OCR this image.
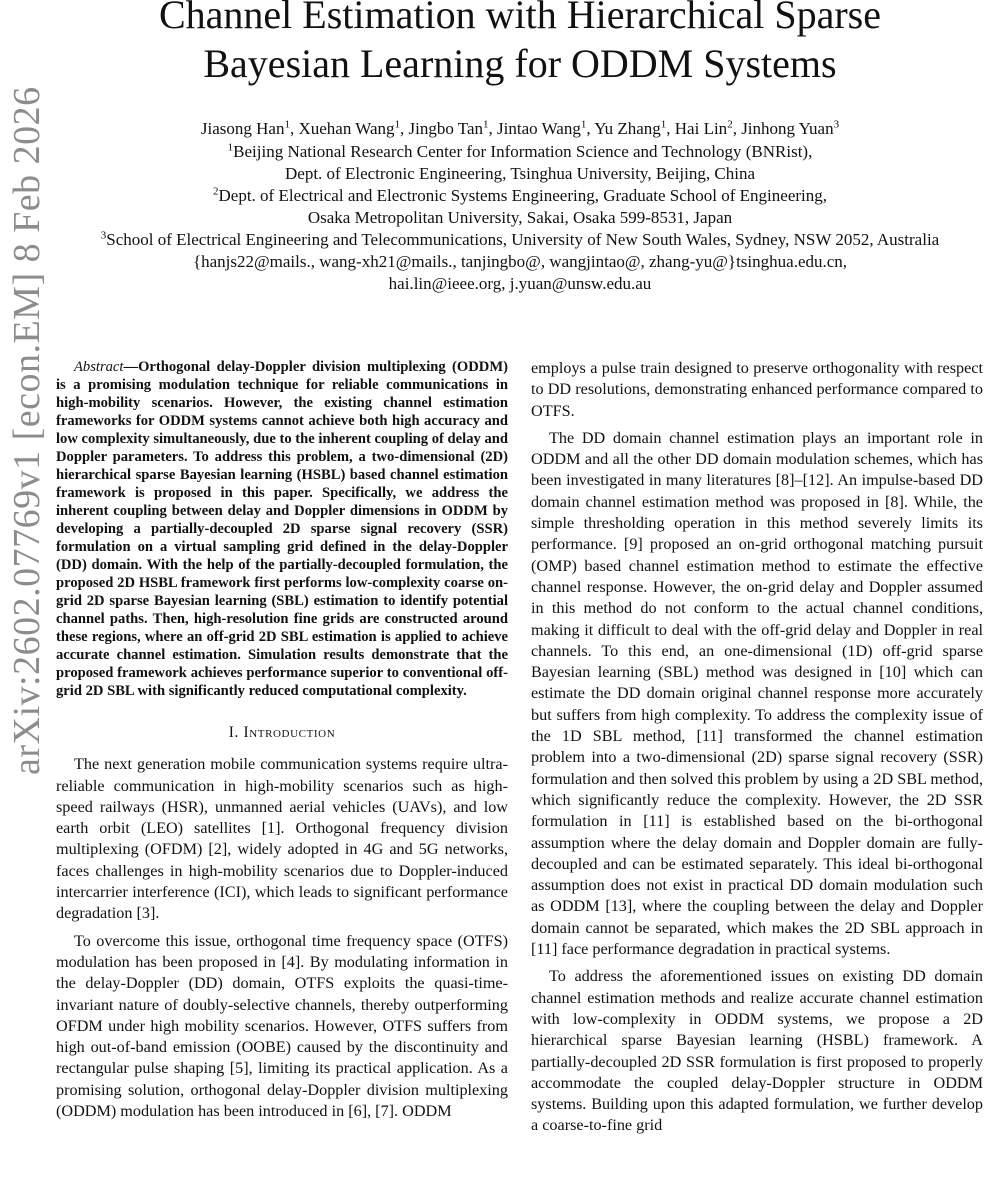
arXiv:2602.07769v1 [econ.EM] 8 Feb 2026
Channel Estimation with Hierarchical Sparse
Bayesian Learning for ODDM Systems
Jiasong Han$^1$, Xuehan Wang$^1$, Jingbo Tan$^1$, Jintao Wang$^1$, Yu Zhang$^1$, Hai Lin$^2$, Jinhong Yuan$^3$
$^1$Beijing National Research Center for Information Science and Technology (BNRist),
Dept. of Electronic Engineering, Tsinghua University, Beijing, China
$^2$Dept. of Electrical and Electronic Systems Engineering, Graduate School of Engineering,
Osaka Metropolitan University, Sakai, Osaka 599-8531, Japan
$^3$School of Electrical Engineering and Telecommunications, University of New South Wales, Sydney, NSW 2052, Australia
{hanjs22@mails., wang-xh21@mails., tanjingbo@, wangjintao@, zhang-yu@}tsinghua.edu.cn,
hai.lin@ieee.org, j.yuan@unsw.edu.au

Abstract—Orthogonal delay-Doppler division multiplexing (ODDM) is a promising modulation technique for reliable communications in high-mobility scenarios. However, the existing channel estimation frameworks for ODDM systems cannot achieve both high accuracy and low complexity simultaneously, due to the inherent coupling of delay and Doppler parameters. To address this problem, a two-dimensional (2D) hierarchical sparse Bayesian learning (HSBL) based channel estimation framework is proposed in this paper. Specifically, we address the inherent coupling between delay and Doppler dimensions in ODDM by developing a partially-decoupled 2D sparse signal recovery (SSR) formulation on a virtual sampling grid defined in the delay-Doppler (DD) domain. With the help of the partially-decoupled formulation, the proposed 2D HSBL framework first performs low-complexity coarse on-grid 2D sparse Bayesian learning (SBL) estimation to identify potential channel paths. Then, high-resolution fine grids are constructed around these regions, where an off-grid 2D SBL estimation is applied to achieve accurate channel estimation. Simulation results demonstrate that the proposed framework achieves performance superior to conventional off-grid 2D SBL with significantly reduced computational complexity.

I. Introduction

The next generation mobile communication systems require ultra-reliable communication in high-mobility scenarios such as high-speed railways (HSR), unmanned aerial vehicles (UAVs), and low earth orbit (LEO) satellites [1]. Orthogonal frequency division multiplexing (OFDM) [2], widely adopted in 4G and 5G networks, faces challenges in high-mobility scenarios due to Doppler-induced intercarrier interference (ICI), which leads to significant performance degradation [3].

To overcome this issue, orthogonal time frequency space (OTFS) modulation has been proposed in [4]. By modulating information in the delay-Doppler (DD) domain, OTFS exploits the quasi-time-invariant nature of doubly-selective channels, thereby outperforming OFDM under high mobility scenarios. However, OTFS suffers from high out-of-band emission (OOBE) caused by the discontinuity and rectangular pulse shaping [5], limiting its practical application. As a promising solution, orthogonal delay-Doppler division multiplexing (ODDM) modulation has been introduced in [6], [7]. ODDM

employs a pulse train designed to preserve orthogonality with respect to DD resolutions, demonstrating enhanced performance compared to OTFS.

The DD domain channel estimation plays an important role in ODDM and all the other DD domain modulation schemes, which has been investigated in many literatures [8]–[12]. An impulse-based DD domain channel estimation method was proposed in [8]. While, the simple thresholding operation in this method severely limits its performance. [9] proposed an on-grid orthogonal matching pursuit (OMP) based channel estimation method to estimate the effective channel response. However, the on-grid delay and Doppler assumed in this method do not conform to the actual channel conditions, making it difficult to deal with the off-grid delay and Doppler in real channels. To this end, an one-dimensional (1D) off-grid sparse Bayesian learning (SBL) method was designed in [10] which can estimate the DD domain original channel response more accurately but suffers from high complexity. To address the complexity issue of the 1D SBL method, [11] transformed the channel estimation problem into a two-dimensional (2D) sparse signal recovery (SSR) formulation and then solved this problem by using a 2D SBL method, which significantly reduce the complexity. However, the 2D SSR formulation in [11] is established based on the bi-orthogonal assumption where the delay domain and Doppler domain are fully-decoupled and can be estimated separately. This ideal bi-orthogonal assumption does not exist in practical DD domain modulation such as ODDM [13], where the coupling between the delay and Doppler domain cannot be separated, which makes the 2D SBL approach in [11] face performance degradation in practical systems.

To address the aforementioned issues on existing DD domain channel estimation methods and realize accurate channel estimation with low-complexity in ODDM systems, we propose a 2D hierarchical sparse Bayesian learning (HSBL) framework. A partially-decoupled 2D SSR formulation is first proposed to properly accommodate the coupled delay-Doppler structure in ODDM systems. Building upon this adapted formulation, we further develop a coarse-to-fine grid
